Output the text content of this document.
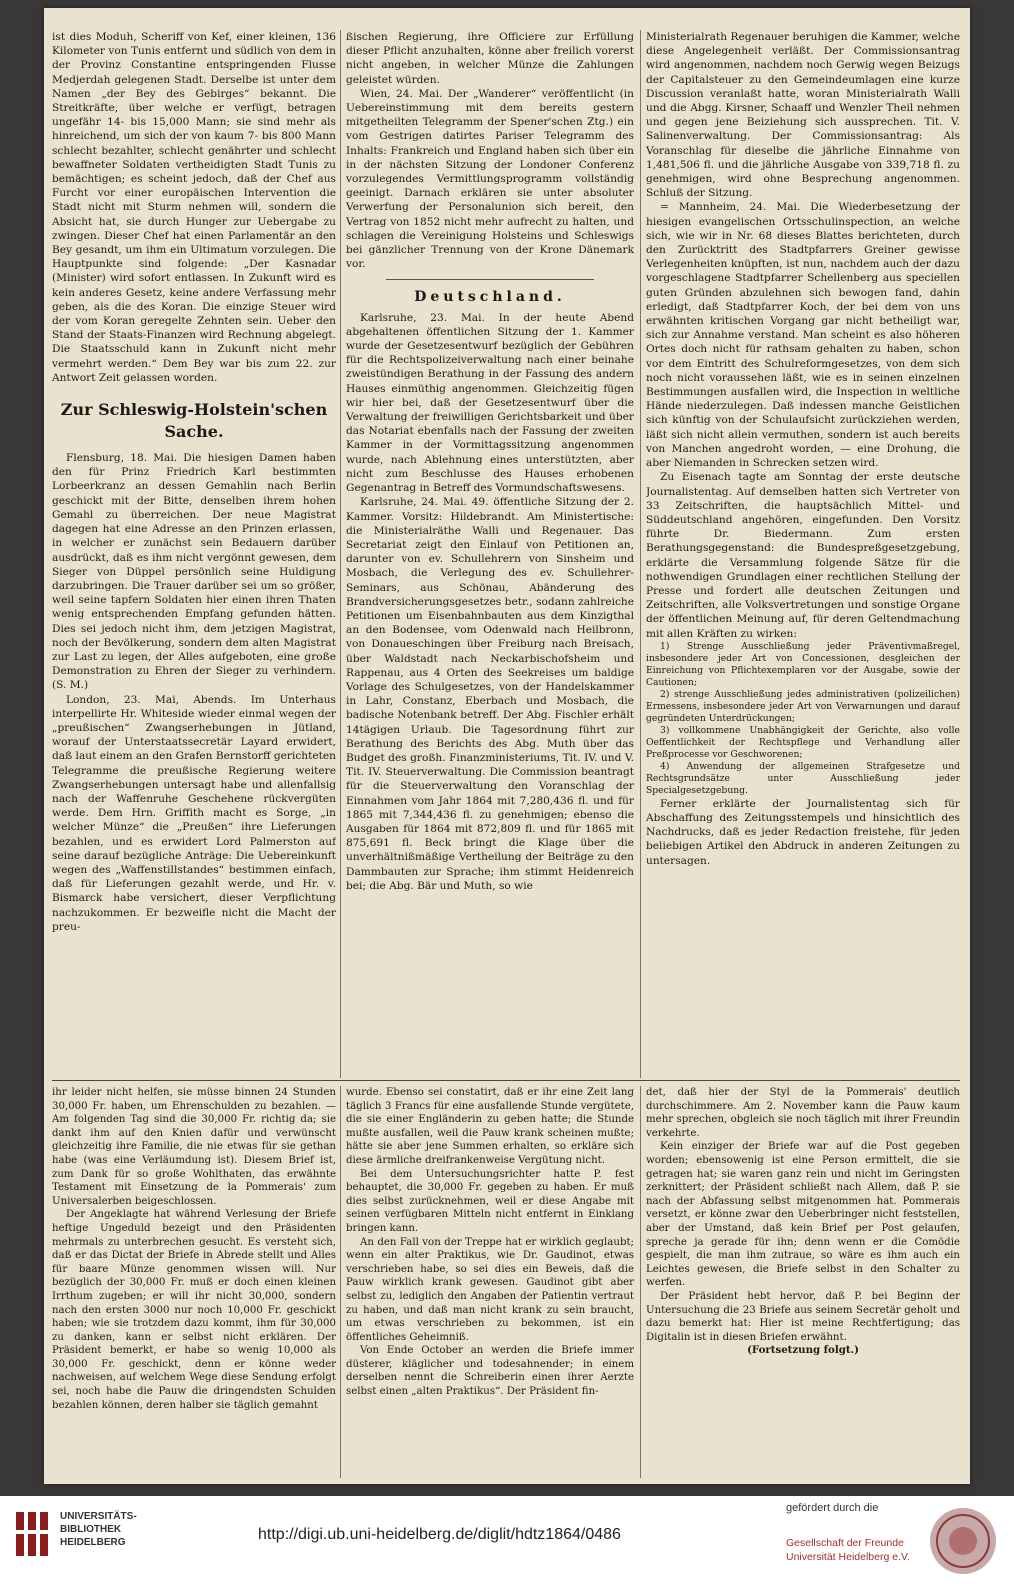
ist dies Moduh, Scheriff von Kef, einer kleinen, 136 Kilometer von Tunis entfernt und südlich von dem in der Provinz Constantine entspringenden Flusse Medjerdah gelegenen Stadt. Derselbe ist unter dem Namen „der Bey des Gebirges“ bekannt. Die Streitkräfte, über welche er verfügt, betragen ungefähr 14- bis 15,000 Mann; sie sind mehr als hinreichend, um sich der von kaum 7- bis 800 Mann schlecht bezahlter, schlecht genährter und schlecht bewaffneter Soldaten vertheidigten Stadt Tunis zu bemächtigen; es scheint jedoch, daß der Chef aus Furcht vor einer europäischen Intervention die Stadt nicht mit Sturm nehmen will, sondern die Absicht hat, sie durch Hunger zur Uebergabe zu zwingen. Dieser Chef hat einen Parlamentär an den Bey gesandt, um ihm ein Ultimatum vorzulegen. Die Hauptpunkte sind folgende: „Der Kasnadar (Minister) wird sofort entlassen. In Zukunft wird es kein anderes Gesetz, keine andere Verfassung mehr geben, als die des Koran. Die einzige Steuer wird der vom Koran geregelte Zehnten sein. Ueber den Stand der Staats-Finanzen wird Rechnung abgelegt. Die Staatsschuld kann in Zukunft nicht mehr vermehrt werden.“ Dem Bey war bis zum 22. zur Antwort Zeit gelassen worden.

Zur Schleswig-Holstein'schen Sache.

Flensburg, 18. Mai. Die hiesigen Damen haben den für Prinz Friedrich Karl bestimmten Lorbeerkranz an dessen Gemahlin nach Berlin geschickt mit der Bitte, denselben ihrem hohen Gemahl zu überreichen. Der neue Magistrat dagegen hat eine Adresse an den Prinzen erlassen, in welcher er zunächst sein Bedauern darüber ausdrückt, daß es ihm nicht vergönnt gewesen, dem Sieger von Düppel persönlich seine Huldigung darzubringen. Die Trauer darüber sei um so größer, weil seine tapfern Soldaten hier einen ihren Thaten wenig entsprechenden Empfang gefunden hätten. Dies sei jedoch nicht ihm, dem jetzigen Magistrat, noch der Bevölkerung, sondern dem alten Magistrat zur Last zu legen, der Alles aufgeboten, eine große Demonstration zu Ehren der Sieger zu verhindern. (S. M.)

London, 23. Mai, Abends. Im Unterhaus interpellirte Hr. Whiteside wieder einmal wegen der „preußischen“ Zwangserhebungen in Jütland, worauf der Unterstaatssecretär Layard erwidert, daß laut einem an den Grafen Bernstorff gerichteten Telegramme die preußische Regierung weitere Zwangserhebungen untersagt habe und allenfallsig nach der Waffenruhe Geschehene rückvergüten werde. Dem Hrn. Griffith macht es Sorge, „in welcher Münze“ die „Preußen“ ihre Lieferungen bezahlen, und es erwidert Lord Palmerston auf seine darauf bezügliche Anträge: Die Uebereinkunft wegen des „Waffenstillstandes“ bestimmen einfach, daß für Lieferungen gezahlt werde, und Hr. v. Bismarck habe versichert, dieser Verpflichtung nachzukommen. Er bezweifle nicht die Macht der preu-

ßischen Regierung, ihre Officiere zur Erfüllung dieser Pflicht anzuhalten, könne aber freilich vorerst nicht angeben, in welcher Münze die Zahlungen geleistet würden.

Wien, 24. Mai. Der „Wanderer“ veröffentlicht (in Uebereinstimmung mit dem bereits gestern mitgetheilten Telegramm der Spener'schen Ztg.) ein vom Gestrigen datirtes Pariser Telegramm des Inhalts: Frankreich und England haben sich über ein in der nächsten Sitzung der Londoner Conferenz vorzulegendes Vermittlungsprogramm vollständig geeinigt. Darnach erklären sie unter absoluter Verwerfung der Personalunion sich bereit, den Vertrag von 1852 nicht mehr aufrecht zu halten, und schlagen die Vereinigung Holsteins und Schleswigs bei gänzlicher Trennung von der Krone Dänemark vor.

Deutschland.

Karlsruhe, 23. Mai. In der heute Abend abgehaltenen öffentlichen Sitzung der 1. Kammer wurde der Gesetzesentwurf bezüglich der Gebühren für die Rechtspolizeiverwaltung nach einer beinahe zweistündigen Berathung in der Fassung des andern Hauses einmüthig angenommen. Gleichzeitig fügen wir hier bei, daß der Gesetzesentwurf über die Verwaltung der freiwilligen Gerichtsbarkeit und über das Notariat ebenfalls nach der Fassung der zweiten Kammer in der Vormittagssitzung angenommen wurde, nach Ablehnung eines unterstützten, aber nicht zum Beschlusse des Hauses erhobenen Gegenantrag in Betreff des Vormundschaftswesens.

Karlsruhe, 24. Mai. 49. öffentliche Sitzung der 2. Kammer. Vorsitz: Hildebrandt. Am Ministertische: die Ministerialräthe Walli und Regenauer. Das Secretariat zeigt den Einlauf von Petitionen an, darunter von ev. Schullehrern von Sinsheim und Mosbach, die Verlegung des ev. Schullehrer-Seminars, aus Schönau, Abänderung des Brandversicherungsgesetzes betr., sodann zahlreiche Petitionen um Eisenbahnbauten aus dem Kinzigthal an den Bodensee, vom Odenwald nach Heilbronn, von Donaueschingen über Freiburg nach Breisach, über Waldstadt nach Neckarbischofsheim und Rappenau, aus 4 Orten des Seekreises um baldige Vorlage des Schulgesetzes, von der Handelskammer in Lahr, Constanz, Eberbach und Mosbach, die badische Notenbank betreff. Der Abg. Fischler erhält 14tägigen Urlaub. Die Tagesordnung führt zur Berathung des Berichts des Abg. Muth über das Budget des großh. Finanzministeriums, Tit. IV. und V. Tit. IV. Steuerverwaltung. Die Commission beantragt für die Steuerverwaltung den Voranschlag der Einnahmen vom Jahr 1864 mit 7,280,436 fl. und für 1865 mit 7,344,436 fl. zu genehmigen; ebenso die Ausgaben für 1864 mit 872,809 fl. und für 1865 mit 875,691 fl. Beck bringt die Klage über die unverhältnißmäßige Vertheilung der Beiträge zu den Dammbauten zur Sprache; ihm stimmt Heidenreich bei; die Abg. Bär und Muth, so wie

Ministerialrath Regenauer beruhigen die Kammer, welche diese Angelegenheit verläßt. Der Commissionsantrag wird angenommen, nachdem noch Gerwig wegen Beizugs der Capitalsteuer zu den Gemeindeumlagen eine kurze Discussion veranlaßt hatte, woran Ministerialrath Walli und die Abgg. Kirsner, Schaaff und Wenzler Theil nehmen und gegen jene Beiziehung sich aussprechen. Tit. V. Salinenverwaltung. Der Commissionsantrag: Als Voranschlag für dieselbe die jährliche Einnahme von 1,481,506 fl. und die jährliche Ausgabe von 339,718 fl. zu genehmigen, wird ohne Besprechung angenommen. Schluß der Sitzung.

= Mannheim, 24. Mai. Die Wiederbesetzung der hiesigen evangelischen Ortsschulinspection, an welche sich, wie wir in Nr. 68 dieses Blattes berichteten, durch den Zurücktritt des Stadtpfarrers Greiner gewisse Verlegenheiten knüpften, ist nun, nachdem auch der dazu vorgeschlagene Stadtpfarrer Schellenberg aus speciellen guten Gründen abzulehnen sich bewogen fand, dahin erledigt, daß Stadtpfarrer Koch, der bei dem von uns erwähnten kritischen Vorgang gar nicht betheiligt war, sich zur Annahme verstand. Man scheint es also höheren Ortes doch nicht für rathsam gehalten zu haben, schon vor dem Eintritt des Schulreformgesetzes, von dem sich noch nicht voraussehen läßt, wie es in seinen einzelnen Bestimmungen ausfallen wird, die Inspection in weltliche Hände niederzulegen. Daß indessen manche Geistlichen sich künftig von der Schulaufsicht zurückziehen werden, läßt sich nicht allein vermuthen, sondern ist auch bereits von Manchen angedroht worden, — eine Drohung, die aber Niemanden in Schrecken setzen wird.

Zu Eisenach tagte am Sonntag der erste deutsche Journalistentag. Auf demselben hatten sich Vertreter von 33 Zeitschriften, die hauptsächlich Mittel- und Süddeutschland angehören, eingefunden. Den Vorsitz führte Dr. Biedermann. Zum ersten Berathungsgegenstand: die Bundespreßgesetzgebung, erklärte die Versammlung folgende Sätze für die nothwendigen Grundlagen einer rechtlichen Stellung der Presse und fordert alle deutschen Zeitungen und Zeitschriften, alle Volksvertretungen und sonstige Organe der öffentlichen Meinung auf, für deren Geltendmachung mit allen Kräften zu wirken:

1) Strenge Ausschließung jeder Präventivmaßregel, insbesondere jeder Art von Concessionen, desgleichen der Einreichung von Pflichtexemplaren vor der Ausgabe, sowie der Cautionen;

2) strenge Ausschließung jedes administrativen (polizeilichen) Ermessens, insbesondere jeder Art von Verwarnungen und darauf gegründeten Unterdrückungen;

3) vollkommene Unabhängigkeit der Gerichte, also volle Oeffentlichkeit der Rechtspflege und Verhandlung aller Preßprocesse vor Geschworenen;

4) Anwendung der allgemeinen Strafgesetze und Rechtsgrundsätze unter Ausschließung jeder Specialgesetzgebung.

Ferner erklärte der Journalistentag sich für Abschaffung des Zeitungsstempels und hinsichtlich des Nachdrucks, daß es jeder Redaction freistehe, für jeden beliebigen Artikel den Abdruck in anderen Zeitungen zu untersagen.

ihr leider nicht helfen, sie müsse binnen 24 Stunden 30,000 Fr. haben, um Ehrenschulden zu bezahlen. — Am folgenden Tag sind die 30,000 Fr. richtig da; sie dankt ihm auf den Knien dafür und verwünscht gleichzeitig ihre Familie, die nie etwas für sie gethan habe (was eine Verläumdung ist). Diesem Brief ist, zum Dank für so große Wohlthaten, das erwähnte Testament mit Einsetzung de la Pommerais' zum Universalerben beigeschlossen.

Der Angeklagte hat während Verlesung der Briefe heftige Ungeduld bezeigt und den Präsidenten mehrmals zu unterbrechen gesucht. Es versteht sich, daß er das Dictat der Briefe in Abrede stellt und Alles für baare Münze genommen wissen will. Nur bezüglich der 30,000 Fr. muß er doch einen kleinen Irrthum zugeben; er will ihr nicht 30,000, sondern nach den ersten 3000 nur noch 10,000 Fr. geschickt haben; wie sie trotzdem dazu kommt, ihm für 30,000 zu danken, kann er selbst nicht erklären. Der Präsident bemerkt, er habe so wenig 10,000 als 30,000 Fr. geschickt, denn er könne weder nachweisen, auf welchem Wege diese Sendung erfolgt sei, noch habe die Pauw die dringendsten Schulden bezahlen können, deren halber sie täglich gemahnt

wurde. Ebenso sei constatirt, daß er ihr eine Zeit lang täglich 3 Francs für eine ausfallende Stunde vergütete, die sie einer Engländerin zu geben hatte; die Stunde mußte ausfallen, weil die Pauw krank scheinen mußte; hätte sie aber jene Summen erhalten, so erkläre sich diese ärmliche dreifrankenweise Vergütung nicht.

Bei dem Untersuchungsrichter hatte P. fest behauptet, die 30,000 Fr. gegeben zu haben. Er muß dies selbst zurücknehmen, weil er diese Angabe mit seinen verfügbaren Mitteln nicht entfernt in Einklang bringen kann.

An den Fall von der Treppe hat er wirklich geglaubt; wenn ein alter Praktikus, wie Dr. Gaudinot, etwas verschrieben habe, so sei dies ein Beweis, daß die Pauw wirklich krank gewesen. Gaudinot gibt aber selbst zu, lediglich den Angaben der Patientin vertraut zu haben, und daß man nicht krank zu sein braucht, um etwas verschrieben zu bekommen, ist ein öffentliches Geheimniß.

Von Ende October an werden die Briefe immer düsterer, kläglicher und todesahnender; in einem derselben nennt die Schreiberin einen ihrer Aerzte selbst einen „alten Praktikus“. Der Präsident fin-

det, daß hier der Styl de la Pommerais' deutlich durchschimmere. Am 2. November kann die Pauw kaum mehr sprechen, obgleich sie noch täglich mit ihrer Freundin verkehrte.

Kein einziger der Briefe war auf die Post gegeben worden; ebensowenig ist eine Person ermittelt, die sie getragen hat; sie waren ganz rein und nicht im Geringsten zerknittert; der Präsident schließt nach Allem, daß P. sie nach der Abfassung selbst mitgenommen hat. Pommerais versetzt, er könne zwar den Ueberbringer nicht feststellen, aber der Umstand, daß kein Brief per Post gelaufen, spreche ja gerade für ihn; denn wenn er die Comödie gespielt, die man ihm zutraue, so wäre es ihm auch ein Leichtes gewesen, die Briefe selbst in den Schalter zu werfen.

Der Präsident hebt hervor, daß P. bei Beginn der Untersuchung die 23 Briefe aus seinem Secretär geholt und dazu bemerkt hat: Hier ist meine Rechtfertigung; das Digitalin ist in diesen Briefen erwähnt.

(Fortsetzung folgt.)

UNIVERSITÄTS-
BIBLIOTHEK
HEIDELBERG	http://digi.ub.uni-heidelberg.de/diglit/hdtz1864/0486
gefördert durch die
Gesellschaft der Freunde
Universität Heidelberg e.V.
